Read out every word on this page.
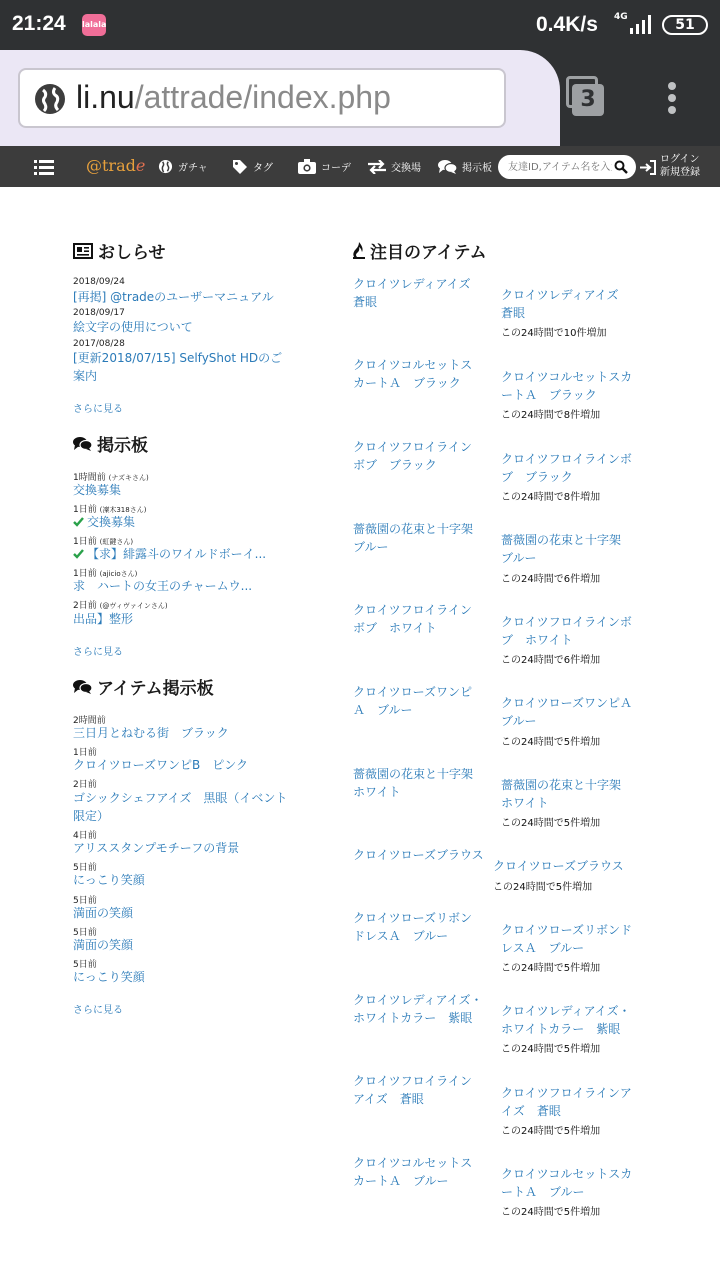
21:24 lalala	0.4K/s 4G	51
li.nu/attrade/index.php	3
@trade	ガチャ	タグ	コーデ	交換場	掲示板
友達ID,アイテム名を入力
ログイン
新規登録
おしらせ
2018/09/24
[再掲] @tradeのユーザーマニュアル
2018/09/17
絵文字の使用について
2017/08/28
[更新2018/07/15] SelfyShot HDのご案内
さらに見る
掲示板
1時間前 (ナズキさん)
交換募集
1日前 (凜木318さん)
交換募集
1日前 (虹鍵さん)
【求】緋露斗のワイルドボーイ...
1日前 (ajicioさん)
求　ハートの女王のチャームウ...
2日前 (@ヴィヴァインさん)
出品】整形
さらに見る
アイテム掲示板
2時間前
三日月とねむる街　ブラック
1日前
クロイツローズワンピB　ピンク
2日前
ゴシックシェフアイズ　黒眼（イベント限定）
4日前
アリススタンプモチーフの背景
5日前
にっこり笑顔
5日前
満面の笑顔
5日前
満面の笑顔
5日前
にっこり笑顔
さらに見る
注目のアイテム
クロイツレディアイズ　蒼眼	クロイツレディアイズ　蒼眼
この24時間で10件増加
クロイツコルセットスカートＡ　ブラック	クロイツコルセットスカートＡ　ブラック
この24時間で8件増加
クロイツフロイラインボブ　ブラック	クロイツフロイラインボブ　ブラック
この24時間で8件増加
薔薇園の花束と十字架　ブルー	薔薇園の花束と十字架　ブルー
この24時間で6件増加
クロイツフロイラインボブ　ホワイト	クロイツフロイラインボブ　ホワイト
この24時間で6件増加
クロイツローズワンピＡ　ブルー	クロイツローズワンピＡ　ブルー
この24時間で5件増加
薔薇園の花束と十字架　ホワイト	薔薇園の花束と十字架　ホワイト
この24時間で5件増加
クロイツローズブラウス
クロイツローズブラウス
この24時間で5件増加
クロイツローズリボンドレスＡ　ブルー	クロイツローズリボンドレスＡ　ブルー
この24時間で5件増加
クロイツレディアイズ・ホワイトカラー　紫眼	クロイツレディアイズ・ホワイトカラー　紫眼
この24時間で5件増加
クロイツフロイラインアイズ　蒼眼	クロイツフロイラインアイズ　蒼眼
この24時間で5件増加
クロイツコルセットスカートＡ　ブルー	クロイツコルセットスカートＡ　ブルー
この24時間で5件増加
